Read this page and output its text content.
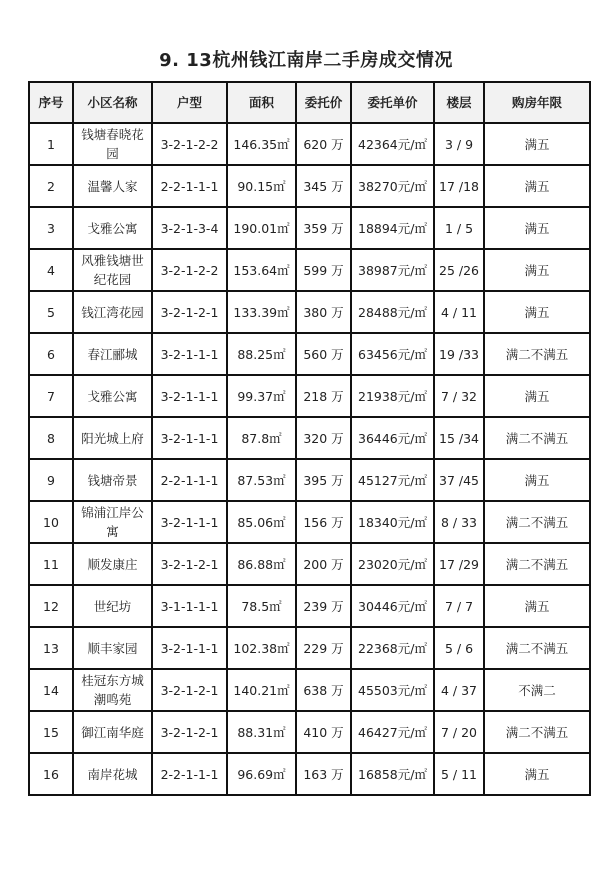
9. 13杭州钱江南岸二手房成交情况
序号	小区名称	户型	面积	委托价	委托单价	楼层	购房年限
1	钱塘春晓花园	3-2-1-2-2	146.35㎡	620 万	42364元/㎡	3 / 9	满五
2	温馨人家	2-2-1-1-1	90.15㎡	345 万	38270元/㎡	17 /18	满五
3	戈雅公寓	3-2-1-3-4	190.01㎡	359 万	18894元/㎡	1 / 5	满五
4	风雅钱塘世纪花园	3-2-1-2-2	153.64㎡	599 万	38987元/㎡	25 /26	满五
5	钱江湾花园	3-2-1-2-1	133.39㎡	380 万	28488元/㎡	4 / 11	满五
6	春江郦城	3-2-1-1-1	88.25㎡	560 万	63456元/㎡	19 /33	满二不满五
7	戈雅公寓	3-2-1-1-1	99.37㎡	218 万	21938元/㎡	7 / 32	满五
8	阳光城上府	3-2-1-1-1	87.8㎡	320 万	36446元/㎡	15 /34	满二不满五
9	钱塘帝景	2-2-1-1-1	87.53㎡	395 万	45127元/㎡	37 /45	满五
10	锦浦江岸公寓	3-2-1-1-1	85.06㎡	156 万	18340元/㎡	8 / 33	满二不满五
11	顺发康庄	3-2-1-2-1	86.88㎡	200 万	23020元/㎡	17 /29	满二不满五
12	世纪坊	3-1-1-1-1	78.5㎡	239 万	30446元/㎡	7 / 7	满五
13	顺丰家园	3-2-1-1-1	102.38㎡	229 万	22368元/㎡	5 / 6	满二不满五
14	桂冠东方城潮鸣苑	3-2-1-2-1	140.21㎡	638 万	45503元/㎡	4 / 37	不满二
15	御江南华庭	3-2-1-2-1	88.31㎡	410 万	46427元/㎡	7 / 20	满二不满五
16	南岸花城	2-2-1-1-1	96.69㎡	163 万	16858元/㎡	5 / 11	满五
